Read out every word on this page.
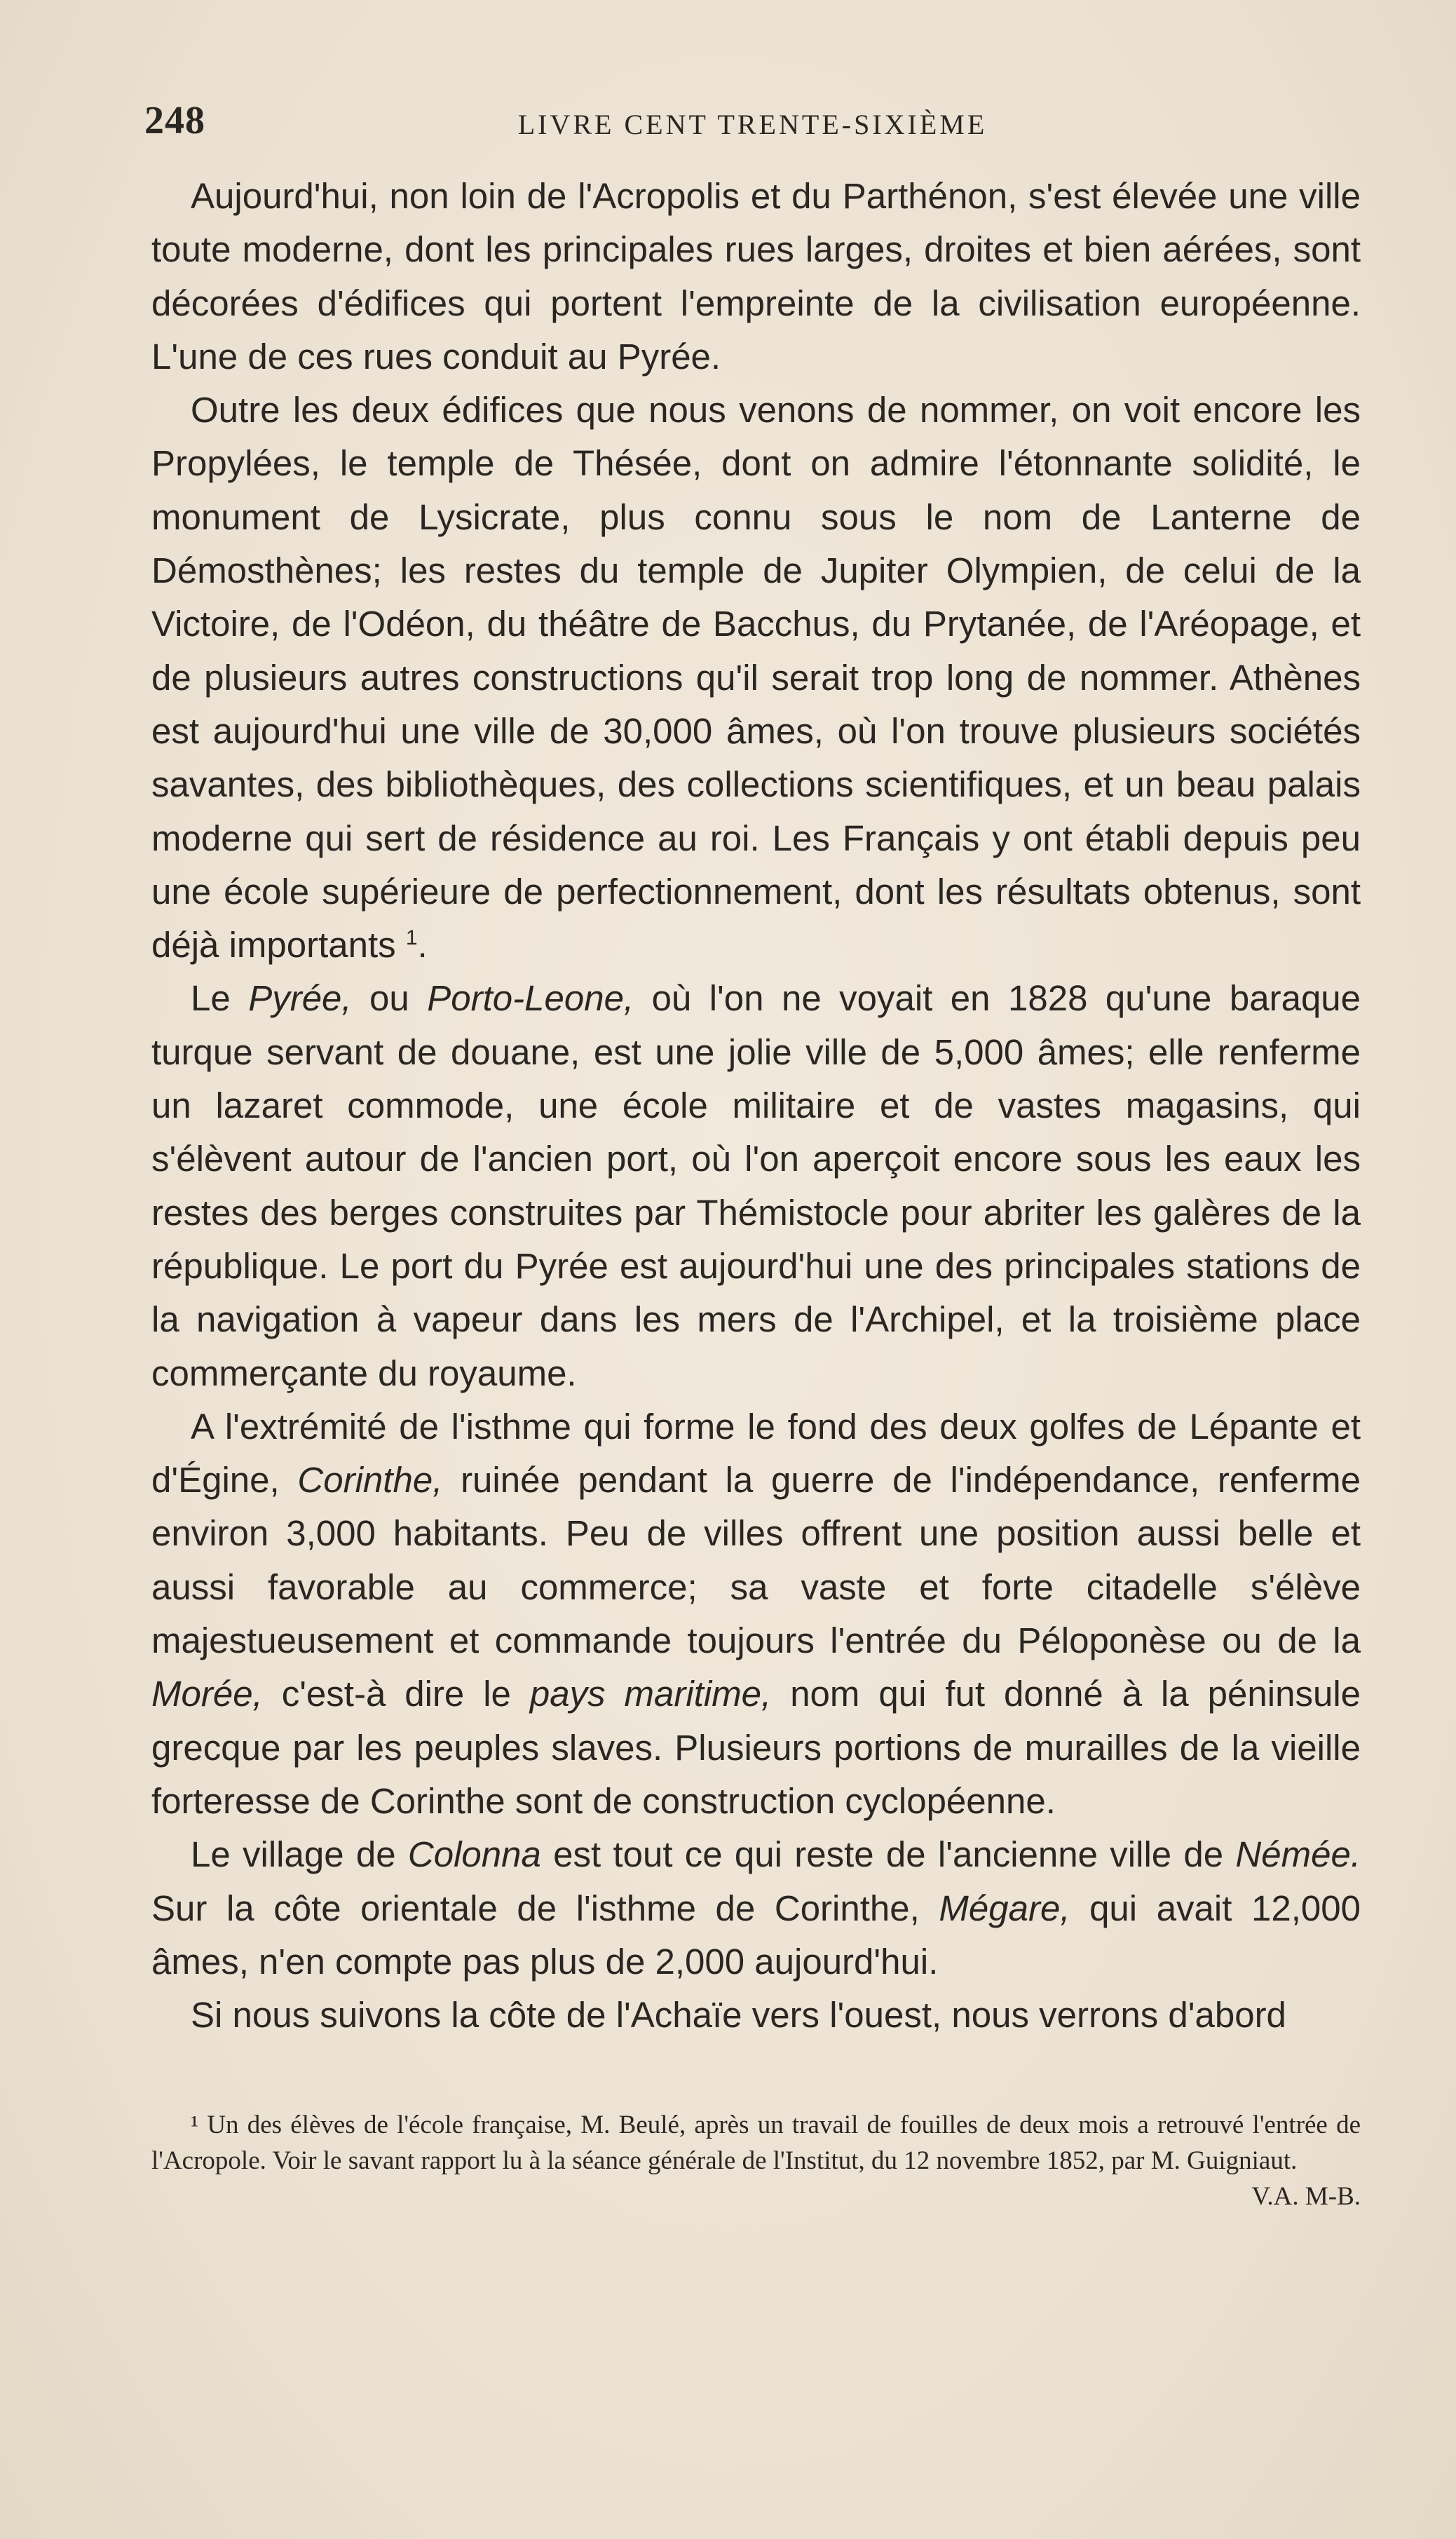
248	LIVRE CENT TRENTE-SIXIÈME

Aujourd'hui, non loin de l'Acropolis et du Parthénon, s'est élevée une ville toute moderne, dont les principales rues larges, droites et bien aérées, sont décorées d'édifices qui portent l'empreinte de la civilisation européenne. L'une de ces rues conduit au Pyrée.

Outre les deux édifices que nous venons de nommer, on voit encore les Propylées, le temple de Thésée, dont on admire l'étonnante solidité, le monument de Lysicrate, plus connu sous le nom de Lanterne de Démosthènes; les restes du temple de Jupiter Olympien, de celui de la Victoire, de l'Odéon, du théâtre de Bacchus, du Prytanée, de l'Aréopage, et de plusieurs autres constructions qu'il serait trop long de nommer. Athènes est aujourd'hui une ville de 30,000 âmes, où l'on trouve plusieurs sociétés savantes, des bibliothèques, des collections scientifiques, et un beau palais moderne qui sert de résidence au roi. Les Français y ont établi depuis peu une école supérieure de perfectionnement, dont les résultats obtenus, sont déjà importants $^1$.

Le Pyrée, ou Porto-Leone, où l'on ne voyait en 1828 qu'une baraque turque servant de douane, est une jolie ville de 5,000 âmes; elle renferme un lazaret commode, une école militaire et de vastes magasins, qui s'élèvent autour de l'ancien port, où l'on aperçoit encore sous les eaux les restes des berges construites par Thémistocle pour abriter les galères de la république. Le port du Pyrée est aujourd'hui une des principales stations de la navigation à vapeur dans les mers de l'Archipel, et la troisième place commerçante du royaume.

A l'extrémité de l'isthme qui forme le fond des deux golfes de Lépante et d'Égine, Corinthe, ruinée pendant la guerre de l'indépendance, renferme environ 3,000 habitants. Peu de villes offrent une position aussi belle et aussi favorable au commerce; sa vaste et forte citadelle s'élève majestueusement et commande toujours l'entrée du Péloponèse ou de la Morée, c'est-à dire le pays maritime, nom qui fut donné à la péninsule grecque par les peuples slaves. Plusieurs portions de murailles de la vieille forteresse de Corinthe sont de construction cyclopéenne.

Le village de Colonna est tout ce qui reste de l'ancienne ville de Némée. Sur la côte orientale de l'isthme de Corinthe, Mégare, qui avait 12,000 âmes, n'en compte pas plus de 2,000 aujourd'hui.

Si nous suivons la côte de l'Achaïe vers l'ouest, nous verrons d'abord

¹ Un des élèves de l'école française, M. Beulé, après un travail de fouilles de deux mois a retrouvé l'entrée de l'Acropole. Voir le savant rapport lu à la séance générale de l'Institut, du 12 novembre 1852, par M. Guigniaut.
V.A. M-B.
